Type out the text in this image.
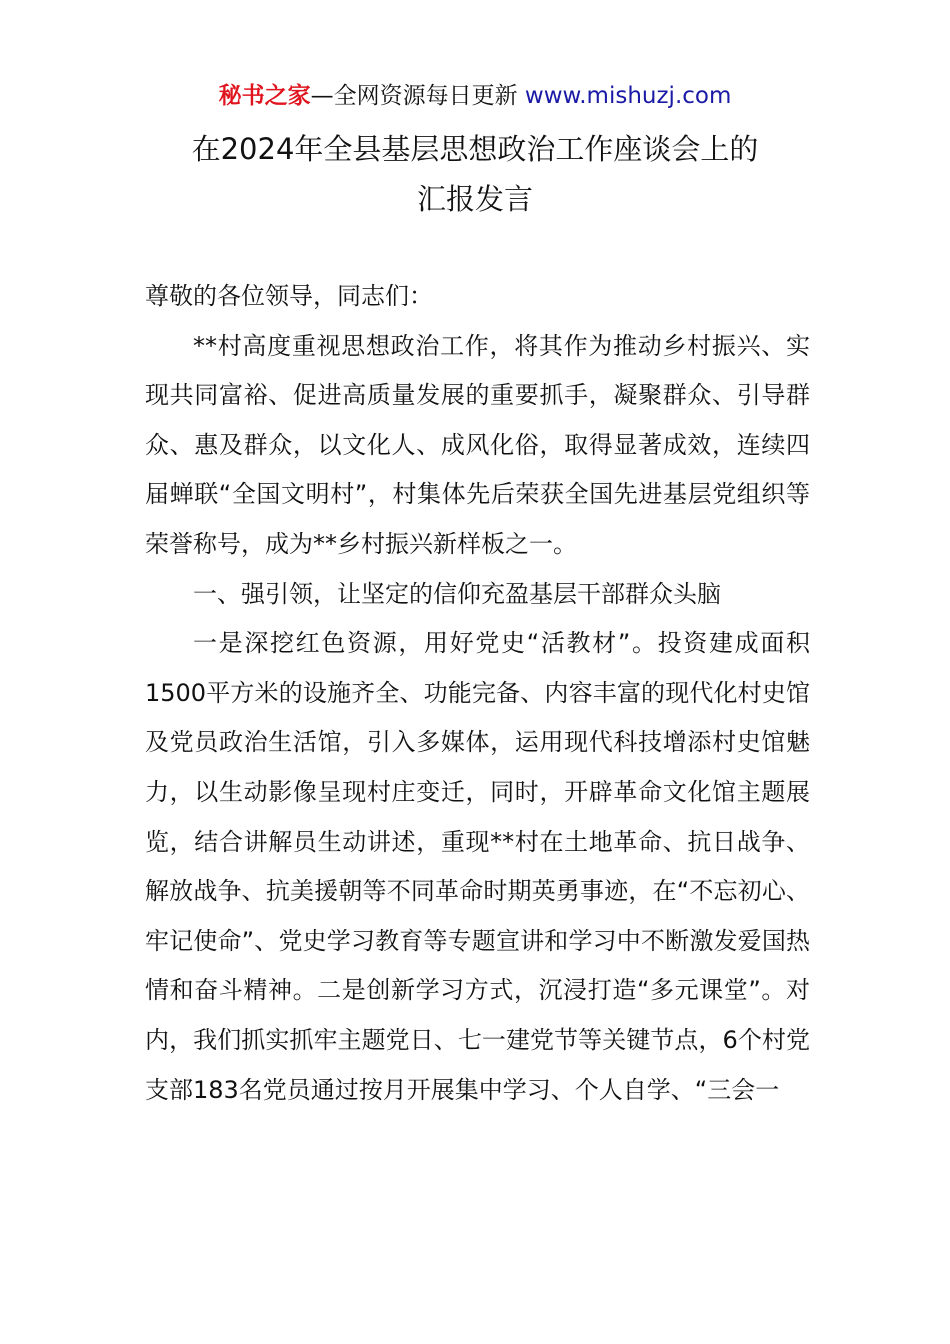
秘书之家—全网资源每日更新 www.mishuzj.com
在2024年全县基层思想政治工作座谈会上的
汇报发言

尊敬的各位领导，同志们：

**村高度重视思想政治工作，将其作为推动乡村振兴、实现共同富裕、促进高质量发展的重要抓手，凝聚群众、引导群众、惠及群众，以文化人、成风化俗，取得显著成效，连续四届蝉联“全国文明村”，村集体先后荣获全国先进基层党组织等荣誉称号，成为**乡村振兴新样板之一。

一、强引领，让坚定的信仰充盈基层干部群众头脑

一是深挖红色资源，用好党史“活教材”。投资建成面积1500平方米的设施齐全、功能完备、内容丰富的现代化村史馆及党员政治生活馆，引入多媒体，运用现代科技增添村史馆魅力，以生动影像呈现村庄变迁，同时，开辟革命文化馆主题展览，结合讲解员生动讲述，重现**村在土地革命、抗日战争、解放战争、抗美援朝等不同革命时期英勇事迹，在“不忘初心、牢记使命”、党史学习教育等专题宣讲和学习中不断激发爱国热情和奋斗精神。二是创新学习方式，沉浸打造“多元课堂”。对内，我们抓实抓牢主题党日、七一建党节等关键节点，6个村党支部183名党员通过按月开展集中学习、个人自学、“三会一
